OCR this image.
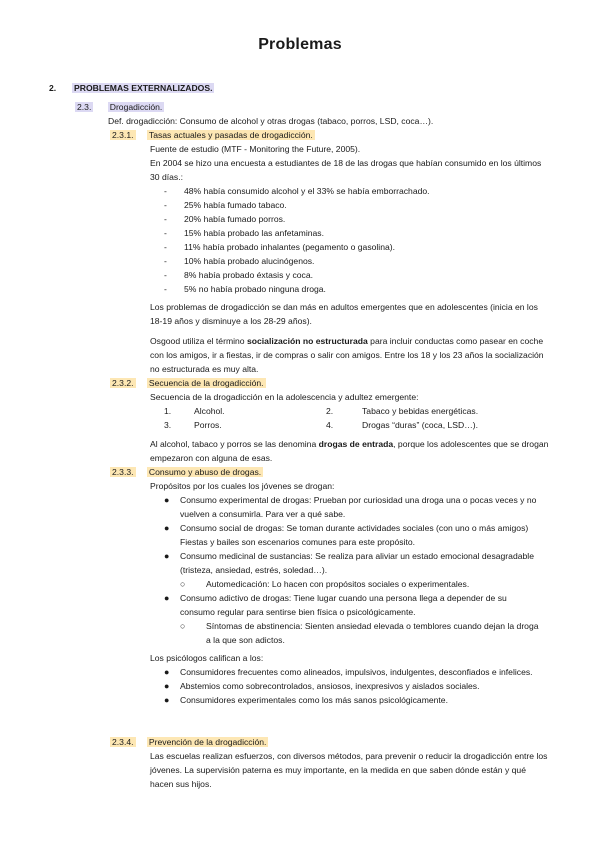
Problemas
2. PROBLEMAS EXTERNALIZADOS.
2.3. Drogadicción.
Def. drogadicción: Consumo de alcohol y otras drogas (tabaco, porros, LSD, coca…).
2.3.1. Tasas actuales y pasadas de drogadicción.
Fuente de estudio (MTF - Monitoring the Future, 2005).
En 2004 se hizo una encuesta a estudiantes de 18 de las drogas que habían consumido en los últimos 30 días.:
- 48% había consumido alcohol y el 33% se había emborrachado.
- 25% había fumado tabaco.
- 20% había fumado porros.
- 15% había probado las anfetaminas.
- 11% había probado inhalantes (pegamento o gasolina).
- 10% había probado alucinógenos.
- 8% había probado éxtasis y coca.
- 5% no había probado ninguna droga.
Los problemas de drogadicción se dan más en adultos emergentes que en adolescentes (inicia en los 18-19 años y disminuye a los 28-29 años).
Osgood utiliza el término socialización no estructurada para incluir conductas como pasear en coche con los amigos, ir a fiestas, ir de compras o salir con amigos. Entre los 18 y los 23 años la socialización no estructurada es muy alta.
2.3.2. Secuencia de la drogadicción.
Secuencia de la drogadicción en la adolescencia y adultez emergente:
1.	Alcohol.	2.	Tabaco y bebidas energéticas.
3.	Porros.	4.	Drogas “duras” (coca, LSD…).
Al alcohol, tabaco y porros se las denomina drogas de entrada, porque los adolescentes que se drogan empezaron con alguna de esas.
2.3.3. Consumo y abuso de drogas.
Propósitos por los cuales los jóvenes se drogan:
● Consumo experimental de drogas: Prueban por curiosidad una droga una o pocas veces y no vuelven a consumirla. Para ver a qué sabe.
● Consumo social de drogas: Se toman durante actividades sociales (con uno o más amigos) Fiestas y bailes son escenarios comunes para este propósito.
● Consumo medicinal de sustancias: Se realiza para aliviar un estado emocional desagradable (tristeza, ansiedad, estrés, soledad…).
○ Automedicación: Lo hacen con propósitos sociales o experimentales.
● Consumo adictivo de drogas: Tiene lugar cuando una persona llega a depender de su consumo regular para sentirse bien física o psicológicamente.
○ Síntomas de abstinencia: Sienten ansiedad elevada o temblores cuando dejan la droga a la que son adictos.
Los psicólogos califican a los:
● Consumidores frecuentes como alineados, impulsivos, indulgentes, desconfiados e infelices.
● Abstemios como sobrecontrolados, ansiosos, inexpresivos y aislados sociales.
● Consumidores experimentales como los más sanos psicológicamente.
2.3.4. Prevención de la drogadicción.
Las escuelas realizan esfuerzos, con diversos métodos, para prevenir o reducir la drogadicción entre los jóvenes. La supervisión paterna es muy importante, en la medida en que saben dónde están y qué hacen sus hijos.
